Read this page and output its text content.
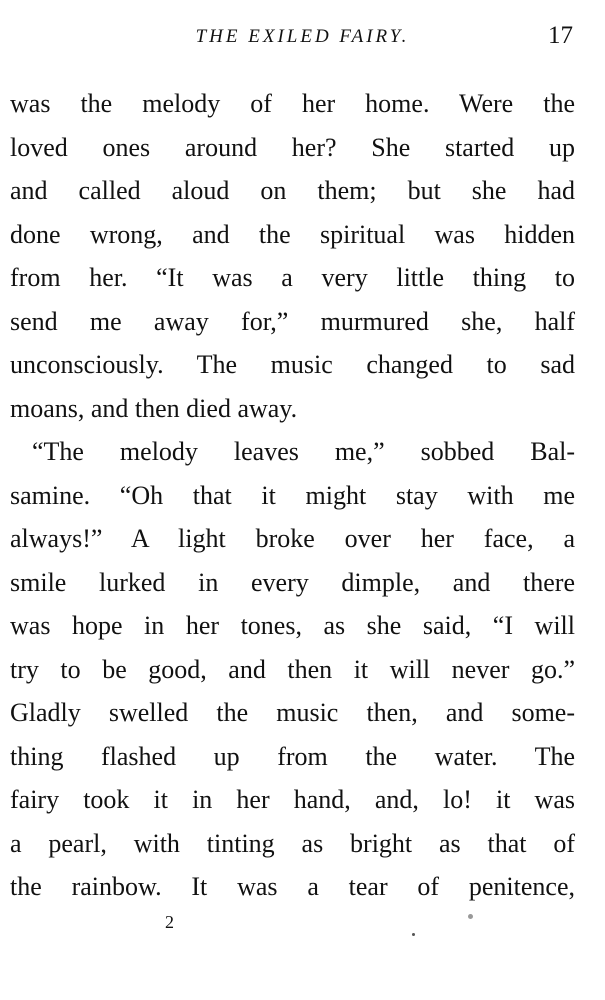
THE EXILED FAIRY.	17
was the melody of her home. Were the
loved ones around her? She started up
and called aloud on them; but she had
done wrong, and the spiritual was hidden
from her. “It was a very little thing to
send me away for,” murmured she, half
unconsciously. The music changed to sad
moans, and then died away.
“The melody leaves me,” sobbed Bal-
samine. “Oh that it might stay with me
always!” A light broke over her face, a
smile lurked in every dimple, and there
was hope in her tones, as she said, “I will
try to be good, and then it will never go.”
Gladly swelled the music then, and some-
thing flashed up from the water. The
fairy took it in her hand, and, lo! it was
a pearl, with tinting as bright as that of
the rainbow. It was a tear of penitence,
2
